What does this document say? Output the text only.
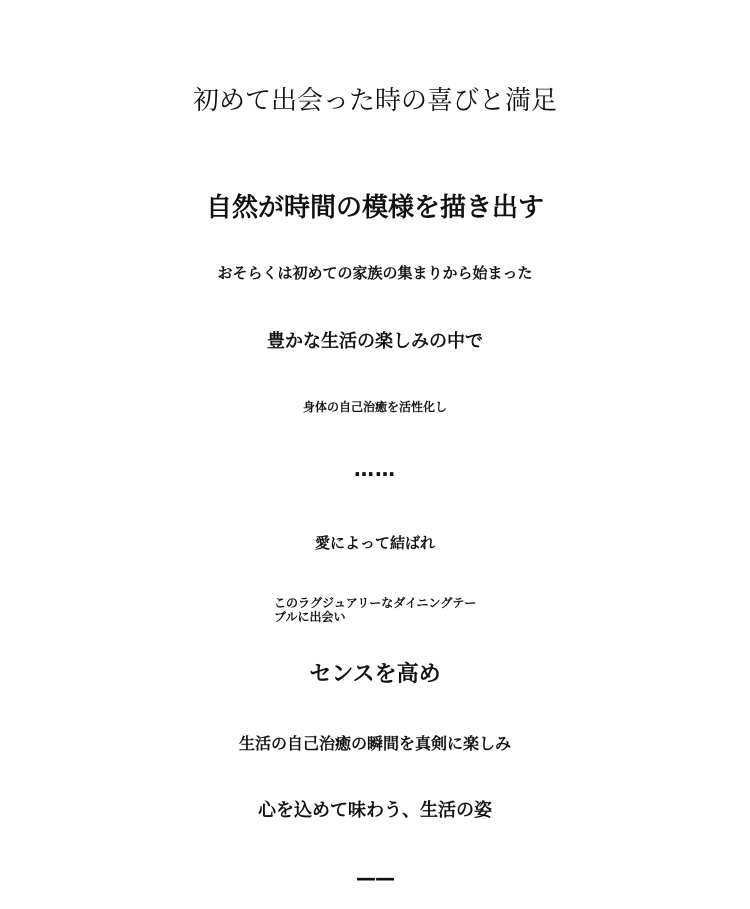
初めて出会った時の喜びと満足
自然が時間の模様を描き出す
おそらくは初めての家族の集まりから始まった
豊かな生活の楽しみの中で
身体の自己治癒を活性化し
……
愛によって結ばれ
このラグジュアリーなダイニングテーブルに出会い
センスを高め
生活の自己治癒の瞬間を真剣に楽しみ
心を込めて味わう、生活の姿
——
